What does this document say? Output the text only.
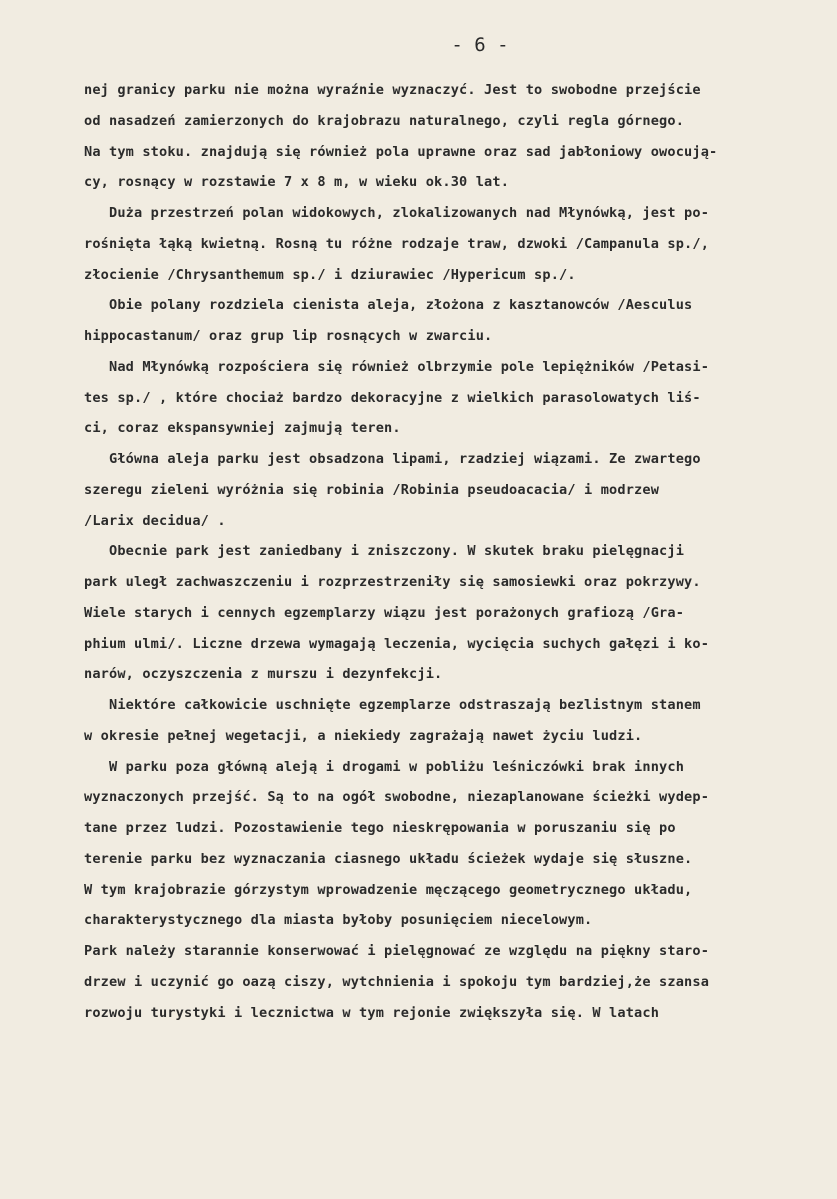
- 6 -
nej granicy parku nie można wyraźnie wyznaczyć. Jest to swobodne przejście
od nasadzeń zamierzonych do krajobrazu naturalnego, czyli regla górnego.
Na tym stoku. znajdują się również pola uprawne oraz sad jabłoniowy owocują-
cy, rosnący w rozstawie 7 x 8 m, w wieku ok.30 lat.
Duża przestrzeń polan widokowych, zlokalizowanych nad Młynówką, jest po-
rośnięta łąką kwietną. Rosną tu różne rodzaje traw, dzwoki /Campanula sp./,
złocienie /Chrysanthemum sp./ i dziurawiec /Hypericum sp./.
Obie polany rozdziela cienista aleja, złożona z kasztanowców /Aesculus
hippocastanum/ oraz grup lip rosnących w zwarciu.
Nad Młynówką rozpościera się również olbrzymie pole lepiężników /Petasi-
tes sp./ , które chociaż bardzo dekoracyjne z wielkich parasolowatych liś-
ci, coraz ekspansywniej zajmują teren.
Główna aleja parku jest obsadzona lipami, rzadziej wiązami. Ze zwartego
szeregu zieleni wyróżnia się robinia /Robinia pseudoacacia/ i modrzew
/Larix decidua/ .
Obecnie park jest zaniedbany i zniszczony. W skutek braku pielęgnacji
park uległ zachwaszczeniu i rozprzestrzeniły się samosiewki oraz pokrzywy.
Wiele starych i cennych egzemplarzy wiązu jest porażonych grafiozą /Gra-
phium ulmi/. Liczne drzewa wymagają leczenia, wycięcia suchych gałęzi i ko-
narów, oczyszczenia z murszu i dezynfekcji.
Niektóre całkowicie uschnięte egzemplarze odstraszają bezlistnym stanem
w okresie pełnej wegetacji, a niekiedy zagrażają nawet życiu ludzi.
W parku poza główną aleją i drogami w pobliżu leśniczówki brak innych
wyznaczonych przejść. Są to na ogół swobodne, niezaplanowane ścieżki wydep-
tane przez ludzi. Pozostawienie tego nieskrępowania w poruszaniu się po
terenie parku bez wyznaczania ciasnego układu ścieżek wydaje się słuszne.
W tym krajobrazie górzystym wprowadzenie męczącego geometrycznego układu,
charakterystycznego dla miasta byłoby posunięciem niecelowym.
Park należy starannie konserwować i pielęgnować ze względu na piękny staro-
drzew i uczynić go oazą ciszy, wytchnienia i spokoju tym bardziej,że szansa
rozwoju turystyki i lecznictwa w tym rejonie zwiększyła się. W latach
